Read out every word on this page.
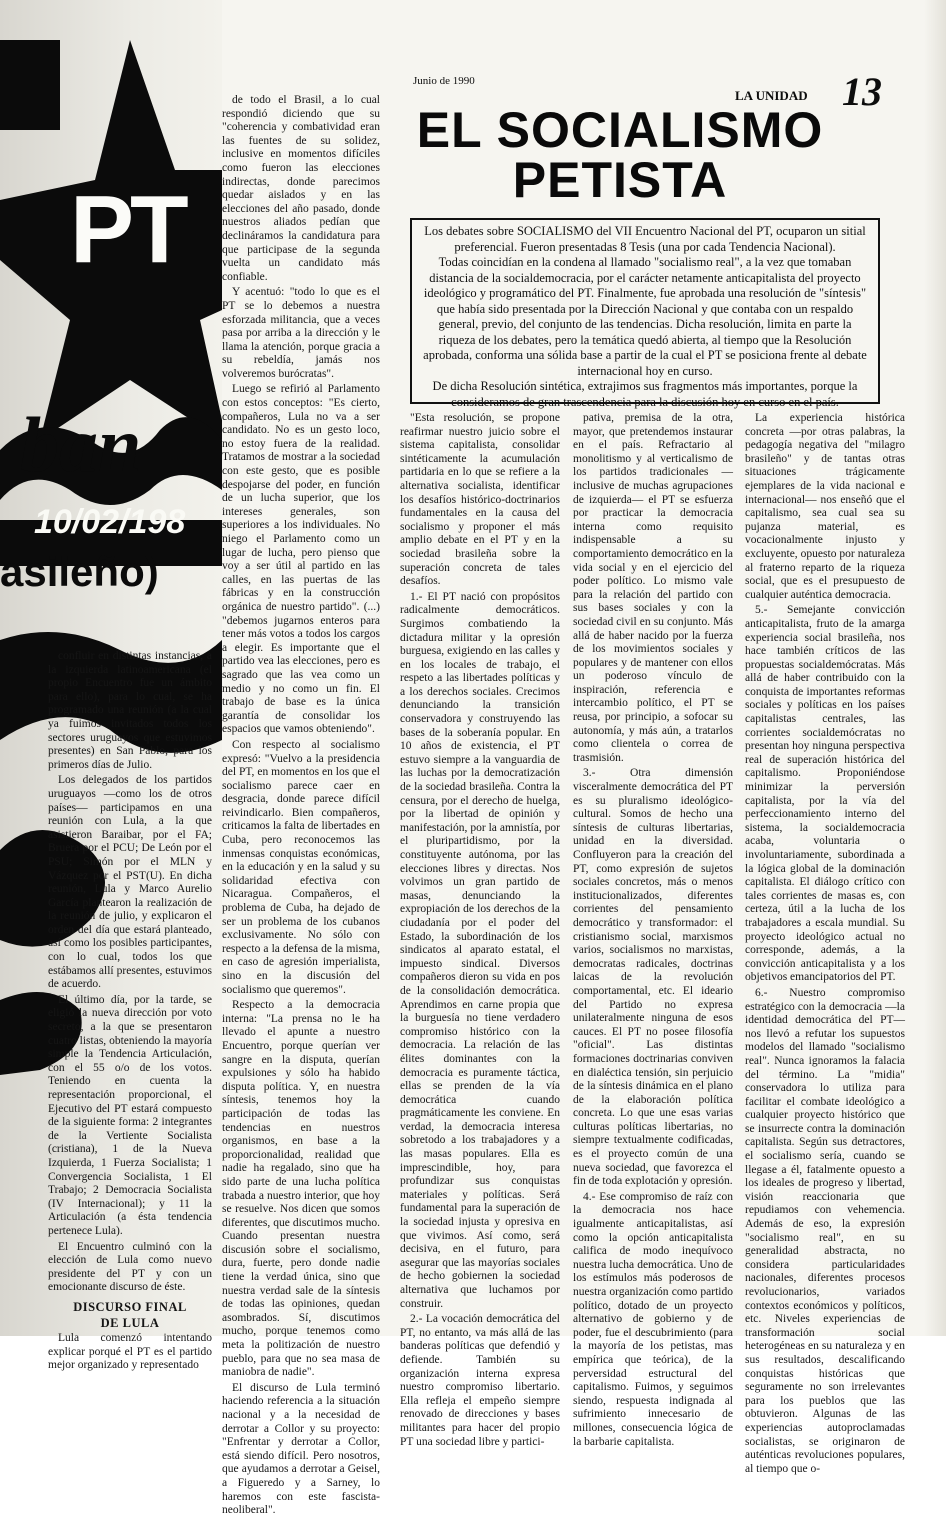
PT
ban
10/02/198
asileño)

de todo el Brasil, a lo cual respondió diciendo que su "coherencia y combatividad eran las fuentes de su solidez, inclusive en momentos difíciles como fueron las elecciones indirectas, donde parecimos quedar aislados y en las elecciones del año pasado, donde nuestros aliados pedían que declináramos la candidatura para que participase de la segunda vuelta un candidato más confiable.

Y acentuó: "todo lo que es el PT se lo debemos a nuestra esforzada militancia, que a veces pasa por arriba a la dirección y le llama la atención, porque gracia a su rebeldía, jamás nos volveremos burócratas".

Luego se refirió al Parlamento con estos conceptos: "Es cierto, compañeros, Lula no va a ser candidato. No es un gesto loco, no estoy fuera de la realidad. Tratamos de mostrar a la sociedad con este gesto, que es posible despojarse del poder, en función de un lucha superior, que los intereses generales, son superiores a los individuales. No niego el Parlamento como un lugar de lucha, pero pienso que voy a ser útil al partido en las calles, en las puertas de las fábricas y en la construcción orgánica de nuestro partido". (...) "debemos jugarnos enteros para tener más votos a todos los cargos a elegir. Es importante que el partido vea las elecciones, pero es sagrado que las vea como un medio y no como un fin. El trabajo de base es la única garantía de consolidar los espacios que vamos obteniendo".

Con respecto al socialismo expresó: "Vuelvo a la presidencia del PT, en momentos en los que el socialismo parece caer en desgracia, donde parece difícil reivindicarlo. Bien compañeros, criticamos la falta de libertades en Cuba, pero reconocemos las inmensas conquistas económicas, en la educación y en la salud y su solidaridad efectiva con Nicaragua. Compañeros, el problema de Cuba, ha dejado de ser un problema de los cubanos exclusivamente. No sólo con respecto a la defensa de la misma, en caso de agresión imperialista, sino en la discusión del socialismo que queremos".

Respecto a la democracia interna: "La prensa no le ha llevado el apunte a nuestro Encuentro, porque querían ver sangre en la disputa, querían expulsiones y sólo ha habido disputa política. Y, en nuestra síntesis, tenemos hoy la participación de todas las tendencias en nuestros organismos, en base a la proporcionalidad, realidad que nadie ha regalado, sino que ha sido parte de una lucha política trabada a nuestro interior, que hoy se resuelve. Nos dicen que somos diferentes, que discutimos mucho. Cuando presentan nuestra discusión sobre el socialismo, dura, fuerte, pero donde nadie tiene la verdad única, sino que nuestra verdad sale de la síntesis de todas las opiniones, quedan asombrados. Sí, discutimos mucho, porque tenemos como meta la politización de nuestro pueblo, para que no sea masa de maniobra de nadie".

El discurso de Lula terminó haciendo referencia a la situación nacional y a la necesidad de derrotar a Collor y su proyecto: "Enfrentar y derrotar a Collor, está siendo difícil. Pero nosotros, que ayudamos a derrotar a Geisel, a Figueredo y a Sarney, lo haremos con este fascista-neoliberal".

confluir en distintas instancias, a la izquierda latinoamericana (el propio Encuentro fue un ámbito para ello), para lo cual, se ha programado una reunión (a la cual ya fuimos invitados todos los sectores uruguayos que estuvimos presentes) en San Pablo, para los primeros días de Julio.

Los delegados de los partidos uruguayos —como los de otros países— participamos en una reunión con Lula, a la que asistieron Baraibar, por el FA; Bruera por el PCU; De León por el PSU; Simón por el MLN y Vázquez por el PST(U). En dicha reunión, Lula y Marco Aurelio García plantearon la realización de la reunión de julio, y explicaron el orden del día que estará planteado, así como los posibles participantes, con lo cual, todos los que estábamos allí presentes, estuvimos de acuerdo.

El último día, por la tarde, se eligió la nueva dirección por voto secreto, a la que se presentaron cuatro listas, obteniendo la mayoría simple la Tendencia Articulación, con el 55 o/o de los votos. Teniendo en cuenta la representación proporcional, el Ejecutivo del PT estará compuesto de la siguiente forma: 2 integrantes de la Vertiente Socialista (cristiana), 1 de la Nueva Izquierda, 1 Fuerza Socialista; 1 Convergencia Socialista, 1 El Trabajo; 2 Democracia Socialista (IV Internacional); y 11 la Articulación (a ésta tendencia pertenece Lula).

El Encuentro culminó con la elección de Lula como nuevo presidente del PT y con un emocionante discurso de éste.

DISCURSO FINAL

DE LULA

Lula comenzó intentando explicar porqué el PT es el partido mejor organizado y representado

Junio de 1990
LA UNIDAD 13
EL SOCIALISMO
PETISTA

Los debates sobre SOCIALISMO del VII Encuentro Nacional del PT, ocuparon un sitial preferencial. Fueron presentadas 8 Tesis (una por cada Tendencia Nacional).

Todas coincidían en la condena al llamado "socialismo real", a la vez que tomaban distancia de la socialdemocracia, por el carácter netamente anticapitalista del proyecto ideológico y programático del PT. Finalmente, fue aprobada una resolución de "síntesis" que había sido presentada por la Dirección Nacional y que contaba con un respaldo general, previo, del conjunto de las tendencias. Dicha resolución, limita en parte la riqueza de los debates, pero la temática quedó abierta, al tiempo que la Resolución aprobada, conforma una sólida base a partir de la cual el PT se posiciona frente al debate internacional hoy en curso.

De dicha Resolución sintética, extrajimos sus fragmentos más importantes, porque la consideramos de gran trascendencia para la discusión hoy en curso en el país.

"Esta resolución, se propone reafirmar nuestro juicio sobre el sistema capitalista, consolidar sintéticamente la acumulación partidaria en lo que se refiere a la alternativa socialista, identificar los desafíos histórico-doctrinarios fundamentales en la causa del socialismo y proponer el más amplio debate en el PT y en la sociedad brasileña sobre la superación concreta de tales desafíos.

1.- El PT nació con propósitos radicalmente democráticos. Surgimos combatiendo la dictadura militar y la opresión burguesa, exigiendo en las calles y en los locales de trabajo, el respeto a las libertades políticas y a los derechos sociales. Crecimos denunciando la transición conservadora y construyendo las bases de la soberanía popular. En 10 años de existencia, el PT estuvo siempre a la vanguardia de las luchas por la democratización de la sociedad brasileña. Contra la censura, por el derecho de huelga, por la libertad de opinión y manifestación, por la amnistía, por el pluripartidismo, por la constituyente autónoma, por las elecciones libres y directas. Nos volvimos un gran partido de masas, denunciando la expropiación de los derechos de la ciudadanía por el poder del Estado, la subordinación de los sindicatos al aparato estatal, el impuesto sindical. Diversos compañeros dieron su vida en pos de la consolidación democrática. Aprendimos en carne propia que la burguesía no tiene verdadero compromiso histórico con la democracia. La relación de las élites dominantes con la democracia es puramente táctica, ellas se prenden de la vía democrática cuando pragmáticamente les conviene. En verdad, la democracia interesa sobretodo a los trabajadores y a las masas populares. Ella es imprescindible, hoy, para profundizar sus conquistas materiales y políticas. Será fundamental para la superación de la sociedad injusta y opresiva en que vivimos. Así como, será decisiva, en el futuro, para asegurar que las mayorías sociales de hecho gobiernen la sociedad alternativa que luchamos por construir.

2.- La vocación democrática del PT, no entanto, va más allá de las banderas políticas que defendió y defiende. También su organización interna expresa nuestro compromiso libertario. Ella refleja el empeño siempre renovado de direcciones y bases militantes para hacer del propio PT una sociedad libre y partici-

pativa, premisa de la otra, mayor, que pretendemos instaurar en el país. Refractario al monolitismo y al verticalismo de los partidos tradicionales —inclusive de muchas agrupaciones de izquierda— el PT se esfuerza por practicar la democracia interna como requisito indispensable a su comportamiento democrático en la vida social y en el ejercicio del poder político. Lo mismo vale para la relación del partido con sus bases sociales y con la sociedad civil en su conjunto. Más allá de haber nacido por la fuerza de los movimientos sociales y populares y de mantener con ellos un poderoso vínculo de inspiración, referencia e intercambio político, el PT se reusa, por principio, a sofocar su autonomía, y más aún, a tratarlos como clientela o correa de trasmisión.

3.- Otra dimensión visceralmente democrática del PT es su pluralismo ideológico-cultural. Somos de hecho una síntesis de culturas libertarias, unidad en la diversidad. Confluyeron para la creación del PT, como expresión de sujetos sociales concretos, más o menos institucionalizados, diferentes corrientes del pensamiento democrático y transformador: el cristianismo social, marxismos varios, socialismos no marxistas, democratas radicales, doctrinas laicas de la revolución comportamental, etc. El ideario del Partido no expresa unilateralmente ninguna de esos cauces. El PT no posee filosofía "oficial". Las distintas formaciones doctrinarias conviven en dialéctica tensión, sin perjuicio de la síntesis dinámica en el plano de la elaboración política concreta. Lo que une esas varias culturas políticas libertarias, no siempre textualmente codificadas, es el proyecto común de una nueva sociedad, que favorezca el fin de toda explotación y opresión.

4.- Ese compromiso de raíz con la democracia nos hace igualmente anticapitalistas, así como la opción anticapitalista califica de modo inequívoco nuestra lucha democrática. Uno de los estímulos más poderosos de nuestra organización como partido político, dotado de un proyecto alternativo de gobierno y de poder, fue el descubrimiento (para la mayoría de los petistas, mas empírica que teórica), de la perversidad estructural del capitalismo. Fuimos, y seguimos siendo, respuesta indignada al sufrimiento innecesario de millones, consecuencia lógica de la barbarie capitalista.

La experiencia histórica concreta —por otras palabras, la pedagogía negativa del "milagro brasileño" y de tantas otras situaciones trágicamente ejemplares de la vida nacional e internacional— nos enseñó que el capitalismo, sea cual sea su pujanza material, es vocacionalmente injusto y excluyente, opuesto por naturaleza al fraterno reparto de la riqueza social, que es el presupuesto de cualquier auténtica democracia.

5.- Semejante convicción anticapitalista, fruto de la amarga experiencia social brasileña, nos hace también críticos de las propuestas socialdemócratas. Más allá de haber contribuido con la conquista de importantes reformas sociales y políticas en los países capitalistas centrales, las corrientes socialdemócratas no presentan hoy ninguna perspectiva real de superación histórica del capitalismo. Proponiéndose minimizar la perversión capitalista, por la vía del perfeccionamiento interno del sistema, la socialdemocracia acaba, voluntaria o involuntariamente, subordinada a la lógica global de la dominación capitalista. El diálogo crítico con tales corrientes de masas es, con certeza, útil a la lucha de los trabajadores a escala mundial. Su proyecto ideológico actual no corresponde, además, a la convicción anticapitalista y a los objetivos emancipatorios del PT.

6.- Nuestro compromiso estratégico con la democracia —la identidad democrática del PT— nos llevó a refutar los supuestos modelos del llamado "socialismo real". Nunca ignoramos la falacia del término. La "midia" conservadora lo utiliza para facilitar el combate ideológico a cualquier proyecto histórico que se insurrecte contra la dominación capitalista. Según sus detractores, el socialismo sería, cuando se llegase a él, fatalmente opuesto a los ideales de progreso y libertad, visión reaccionaria que repudiamos con vehemencia. Además de eso, la expresión "socialismo real", en su generalidad abstracta, no considera particularidades nacionales, diferentes procesos revolucionarios, variados contextos económicos y políticos, etc. Niveles experiencias de transformación social heterogéneas en su naturaleza y en sus resultados, descalificando conquistas históricas que seguramente no son irrelevantes para los pueblos que las obtuvieron. Algunas de las experiencias autoproclamadas socialistas, se originaron de auténticas revoluciones populares, al tiempo que o-
